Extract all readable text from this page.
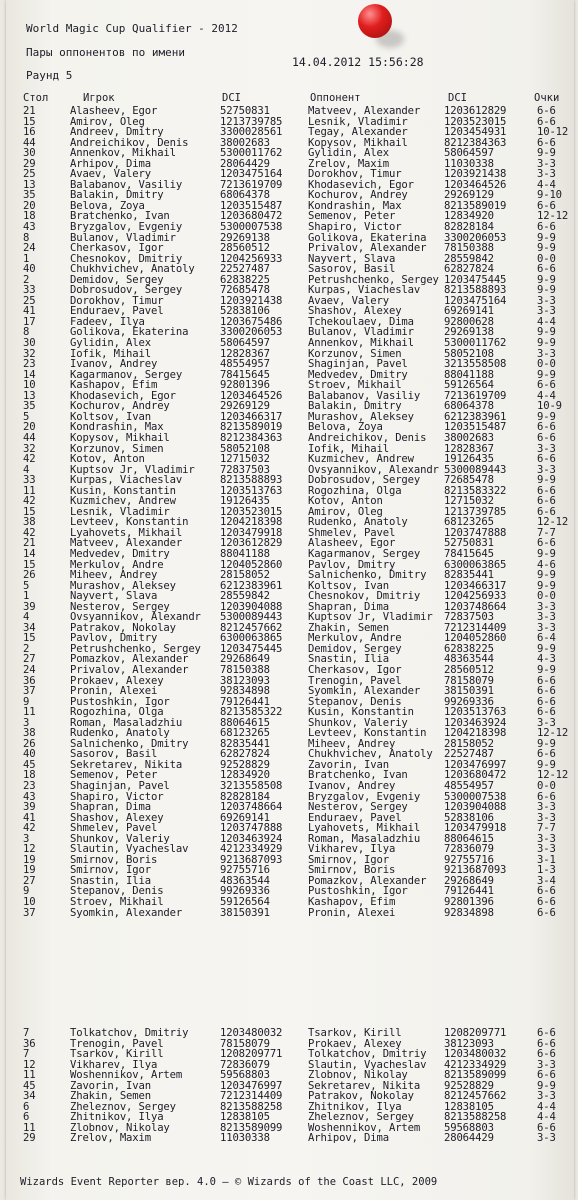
World Magic Cup Qualifier - 2012
Пары оппонентов по имени
14.04.2012 15:56:28
Раунд 5
Стол	Игрок	DCI	Оппонент	DCI	Очки
21	Alasheev, Egor	52750831	Matveev, Alexander 1203612829	6-6
15	Amirov, Oleg	1213739785 Lesnik, Vladimir	1203523015	6-6
16	Andreev, Dmitry	3300028561 Tegay, Alexander	1203454931	10-12
44	Andreichikov, Denis	38002683	Kopysov, Mikhail	8212384363	6-6
30	Annenkov, Mikhail	5300011762 Gylidin, Alex	58064597	9-9
29	Arhipov, Dima	28064429	Zrelov, Maxim	11030338	3-3
25	Avaev, Valery	1203475164 Dorokhov, Timur	1203921438	3-3
13	Balabanov, Vasiliy	7213619709 Khodasevich, Egor	1203464526	4-4
35	Balakin, Dmitry	68064378	Kochurov, Andrey	29269129	9-10
20	Belova, Zoya	1203515487 Kondrashin, Max	8213589019	6-6
18	Bratchenko, Ivan	1203680472 Semenov, Peter	12834920	12-12
43	Bryzgalov, Evgeniy	5300007538 Shapiro, Victor	82828184	6-6
8	Bulanov, Vladimir	29269138	Golikova, Ekaterina 3300206053	9-9
24	Cherkasov, Igor	28560512	Privalov, Alexander 78150388	9-9
1	Chesnokov, Dmitriy	1204256933 Nayvert, Slava	28559842	0-0
40	Chukhvichev, Anatoly 22527487	Sasorov, Basil	62827824	6-6
2	Demidov, Sergey	62838225	Petrushchenko, Sergey 1203475445	9-9
33	Dobrosudov, Sergey	72685478	Kurpas, Viacheslav 8213588893	9-9
25	Dorokhov, Timur	1203921438 Avaev, Valery	1203475164	3-3
41	Enduraev, Pavel	52838106	Shashov, Alexey	69269141	3-3
17	Fadeev, Ilya	1203675486 Tchekoulaev, Dima	92800628	4-4
8	Golikova, Ekaterina	3300206053 Bulanov, Vladimir	29269138	9-9
30	Gylidin, Alex	58064597	Annenkov, Mikhail	5300011762	9-9
32	Iofik, Mihail	12828367	Korzunov, Simen	58052108	3-3
23	Ivanov, Andrey	48554957	Shaginjan, Pavel	3213558508	0-0
14	Kagarmanov, Sergey	78415645	Medvedev, Dmitry	88041188	9-9
10	Kashapov, Efim	92801396	Stroev, Mikhail	59126564	6-6
13	Khodasevich, Egor	1203464526 Balabanov, Vasiliy 7213619709	4-4
35	Kochurov, Andrey	29269129	Balakin, Dmitry	68064378	10-9
5	Koltsov, Ivan	1203466317 Murashov, Aleksey	6212383961	9-9
20	Kondrashin, Max	8213589019 Belova, Zoya	1203515487	6-6
44	Kopysov, Mikhail	8212384363 Andreichikov, Denis 38002683	6-6
32	Korzunov, Simen	58052108	Iofik, Mihail	12828367	3-3
42	Kotov, Anton	12715032	Kuzmichev, Andrew	19126435	6-6
4	Kuptsov Jr, Vladimir 72837503	Ovsyannikov, Alexandr 5300089443	3-3
33	Kurpas, Viacheslav	8213588893 Dobrosudov, Sergey 72685478	9-9
11	Kusin, Konstantin	1203513763 Rogozhina, Olga	8213583322	6-6
42	Kuzmichev, Andrew	19126435	Kotov, Anton	12715032	6-6
15	Lesnik, Vladimir	1203523015 Amirov, Oleg	1213739785	6-6
38	Levteev, Konstantin	1204218398 Rudenko, Anatoly	68123265	12-12
42	Lyahovets, Mikhail	1203479918 Shmelev, Pavel	1203747888	7-7
21	Matveev, Alexander	1203612829 Alasheev, Egor	52750831	6-6
14	Medvedev, Dmitry	88041188	Kagarmanov, Sergey 78415645	9-9
15	Merkulov, Andre	1204052860 Pavlov, Dmitry	6300063865	4-6
26	Miheev, Andrey	28158052	Salnichenko, Dmitry 82835441	9-9
5	Murashov, Aleksey	6212383961 Koltsov, Ivan	1203466317	9-9
1	Nayvert, Slava	28559842	Chesnokov, Dmitriy 1204256933	0-0
39	Nesterov, Sergey	1203904088 Shapran, Dima	1203748664	3-3
4	Ovsyannikov, Alexandr 5300089443 Kuptsov Jr, Vladimir 72837503	3-3
34	Patrakov, Nokolay	8212457662 Zhakin, Semen	7212314409	3-3
15	Pavlov, Dmitry	6300063865 Merkulov, Andre	1204052860	6-4
2	Petrushchenko, Sergey 1203475445 Demidov, Sergey	62838225	9-9
27	Pomazkov, Alexander	29268649	Snastin, Ilia	48363544	4-3
24	Privalov, Alexander	78150388	Cherkasov, Igor	28560512	9-9
36	Prokaev, Alexey	38123093	Trenogin, Pavel	78158079	6-6
37	Pronin, Alexei	92834898	Syomkin, Alexander 38150391	6-6
9	Pustoshkin, Igor	79126441	Stepanov, Denis	99269336	6-6
11	Rogozhina, Olga	8213585322 Kusin, Konstantin	1203513763	6-6
3	Roman, Masaladzhiu	88064615	Shunkov, Valeriy	1203463924	3-3
38	Rudenko, Anatoly	68123265	Levteev, Konstantin 1204218398	12-12
26	Salnichenko, Dmitry	82835441	Miheev, Andrey	28158052	9-9
40	Sasorov, Basil	62827824	Chukhvichev, Anatoly 22527487	6-6
45	Sekretarev, Nikita	92528829	Zavorin, Ivan	1203476997	9-9
18	Semenov, Peter	12834920	Bratchenko, Ivan	1203680472	12-12
23	Shaginjan, Pavel	3213558508 Ivanov, Andrey	48554957	0-0
43	Shapiro, Victor	82828184	Bryzgalov, Evgeniy 5300007538	6-6
39	Shapran, Dima	1203748664 Nesterov, Sergey	1203904088	3-3
41	Shashov, Alexey	69269141	Enduraev, Pavel	52838106	3-3
42	Shmelev, Pavel	1203747888 Lyahovets, Mikhail 1203479918	7-7
3	Shunkov, Valeriy	1203463924 Roman, Masaladzhiu 88064615	3-3
12	Slautin, Vyacheslav	4212334929 Vikharev, Ilya	72836079	3-3
19	Smirnov, Boris	9213687093 Smirnov, Igor	92755716	3-1
19	Smirnov, Igor	92755716	Smirnov, Boris	9213687093	1-3
27	Snastin, Ilia	48363544	Pomazkov, Alexander 29268649	3-4
9	Stepanov, Denis	99269336	Pustoshkin, Igor	79126441	6-6
10	Stroev, Mikhail	59126564	Kashapov, Efim	92801396	6-6
37	Syomkin, Alexander	38150391	Pronin, Alexei	92834898	6-6
7	Tolkatchov, Dmitriy	1203480032 Tsarkov, Kirill	1208209771	6-6
36	Trenogin, Pavel	78158079	Prokaev, Alexey	38123093	6-6
7	Tsarkov, Kirill	1208209771 Tolkatchov, Dmitriy 1203480032	6-6
12	Vikharev, Ilya	72836079	Slautin, Vyacheslav 4212334929	3-3
11	Woshennikov, Artem	59568803	Zlobnov, Nikolay	8213589099	6-6
45	Zavorin, Ivan	1203476997 Sekretarev, Nikita 92528829	9-9
34	Zhakin, Semen	7212314409 Patrakov, Nokolay	8212457662	3-3
6	Zheleznov, Sergey	8213588258 Zhitnikov, Ilya	12838105	4-4
6	Zhitnikov, Ilya	12838105	Zheleznov, Sergey	8213588258	4-4
11	Zlobnov, Nikolay	8213589099 Woshennikov, Artem 59568803	6-6
29	Zrelov, Maxim	11030338	Arhipov, Dima	28064429	3-3
Wizards Event Reporter вер. 4.0 – © Wizards of the Coast LLC, 2009
